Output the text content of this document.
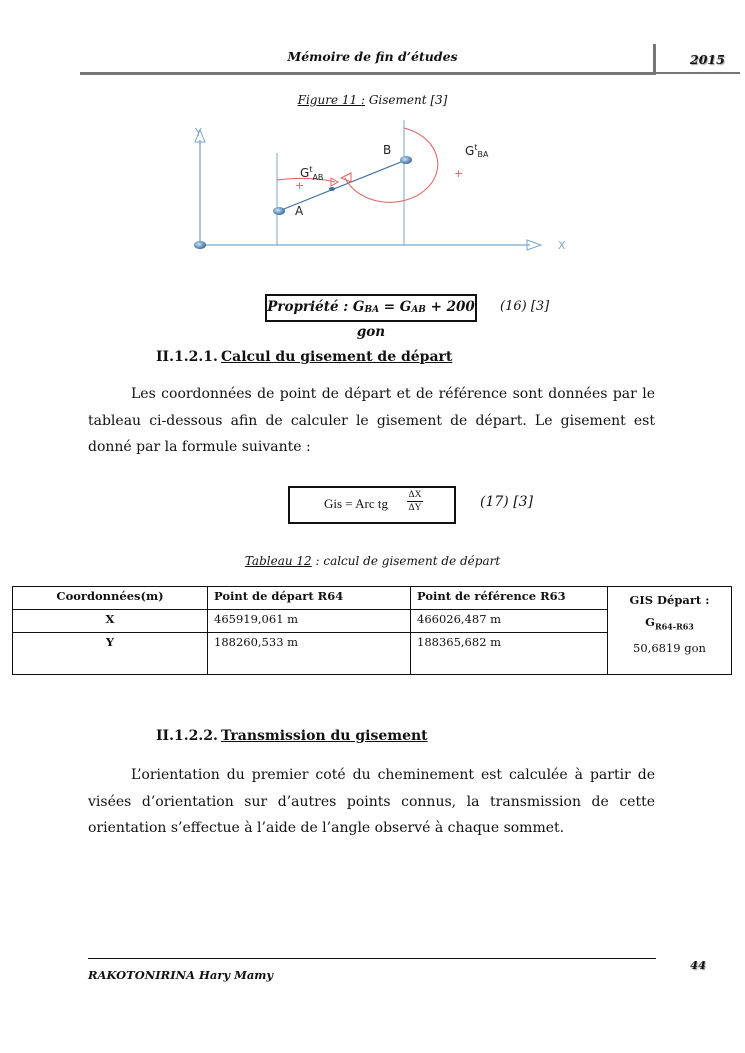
Mémoire de fin d’études	2015
Figure 11 : Gisement [3]
Y
X
+
+
A
B
$G^t_{AB}$
$G^t_{BA}$
Propriété : $G_{BA} = G_{AB} + 200$ gon
(16) [3]
II.1.2.1. Calcul du gisement de départ

Les coordonnées de point de départ et de référence sont données par le tableau ci-dessous afin de calculer le gisement de départ. Le gisement est donné par la formule suivante :

Gis = Arc tg $\frac{\Delta X}{\Delta Y}$	(17) [3]
Tableau 12 : calcul de gisement de départ
Coordonnées(m)	Point de départ R64	Point de référence R63	GIS Départ :
$G_{R64-R63}$
50,6819 gon

X	465919,061 m	466026,487 m	
Y	188260,533 m	188365,682 m	
II.1.2.2. Transmission du gisement

L’orientation du premier coté du cheminement est calculée à partir de visées d’orientation sur d’autres points connus, la transmission de cette orientation s’effectue à l’aide de l’angle observé à chaque sommet.

RAKOTONIRINA Hary Mamy
44
